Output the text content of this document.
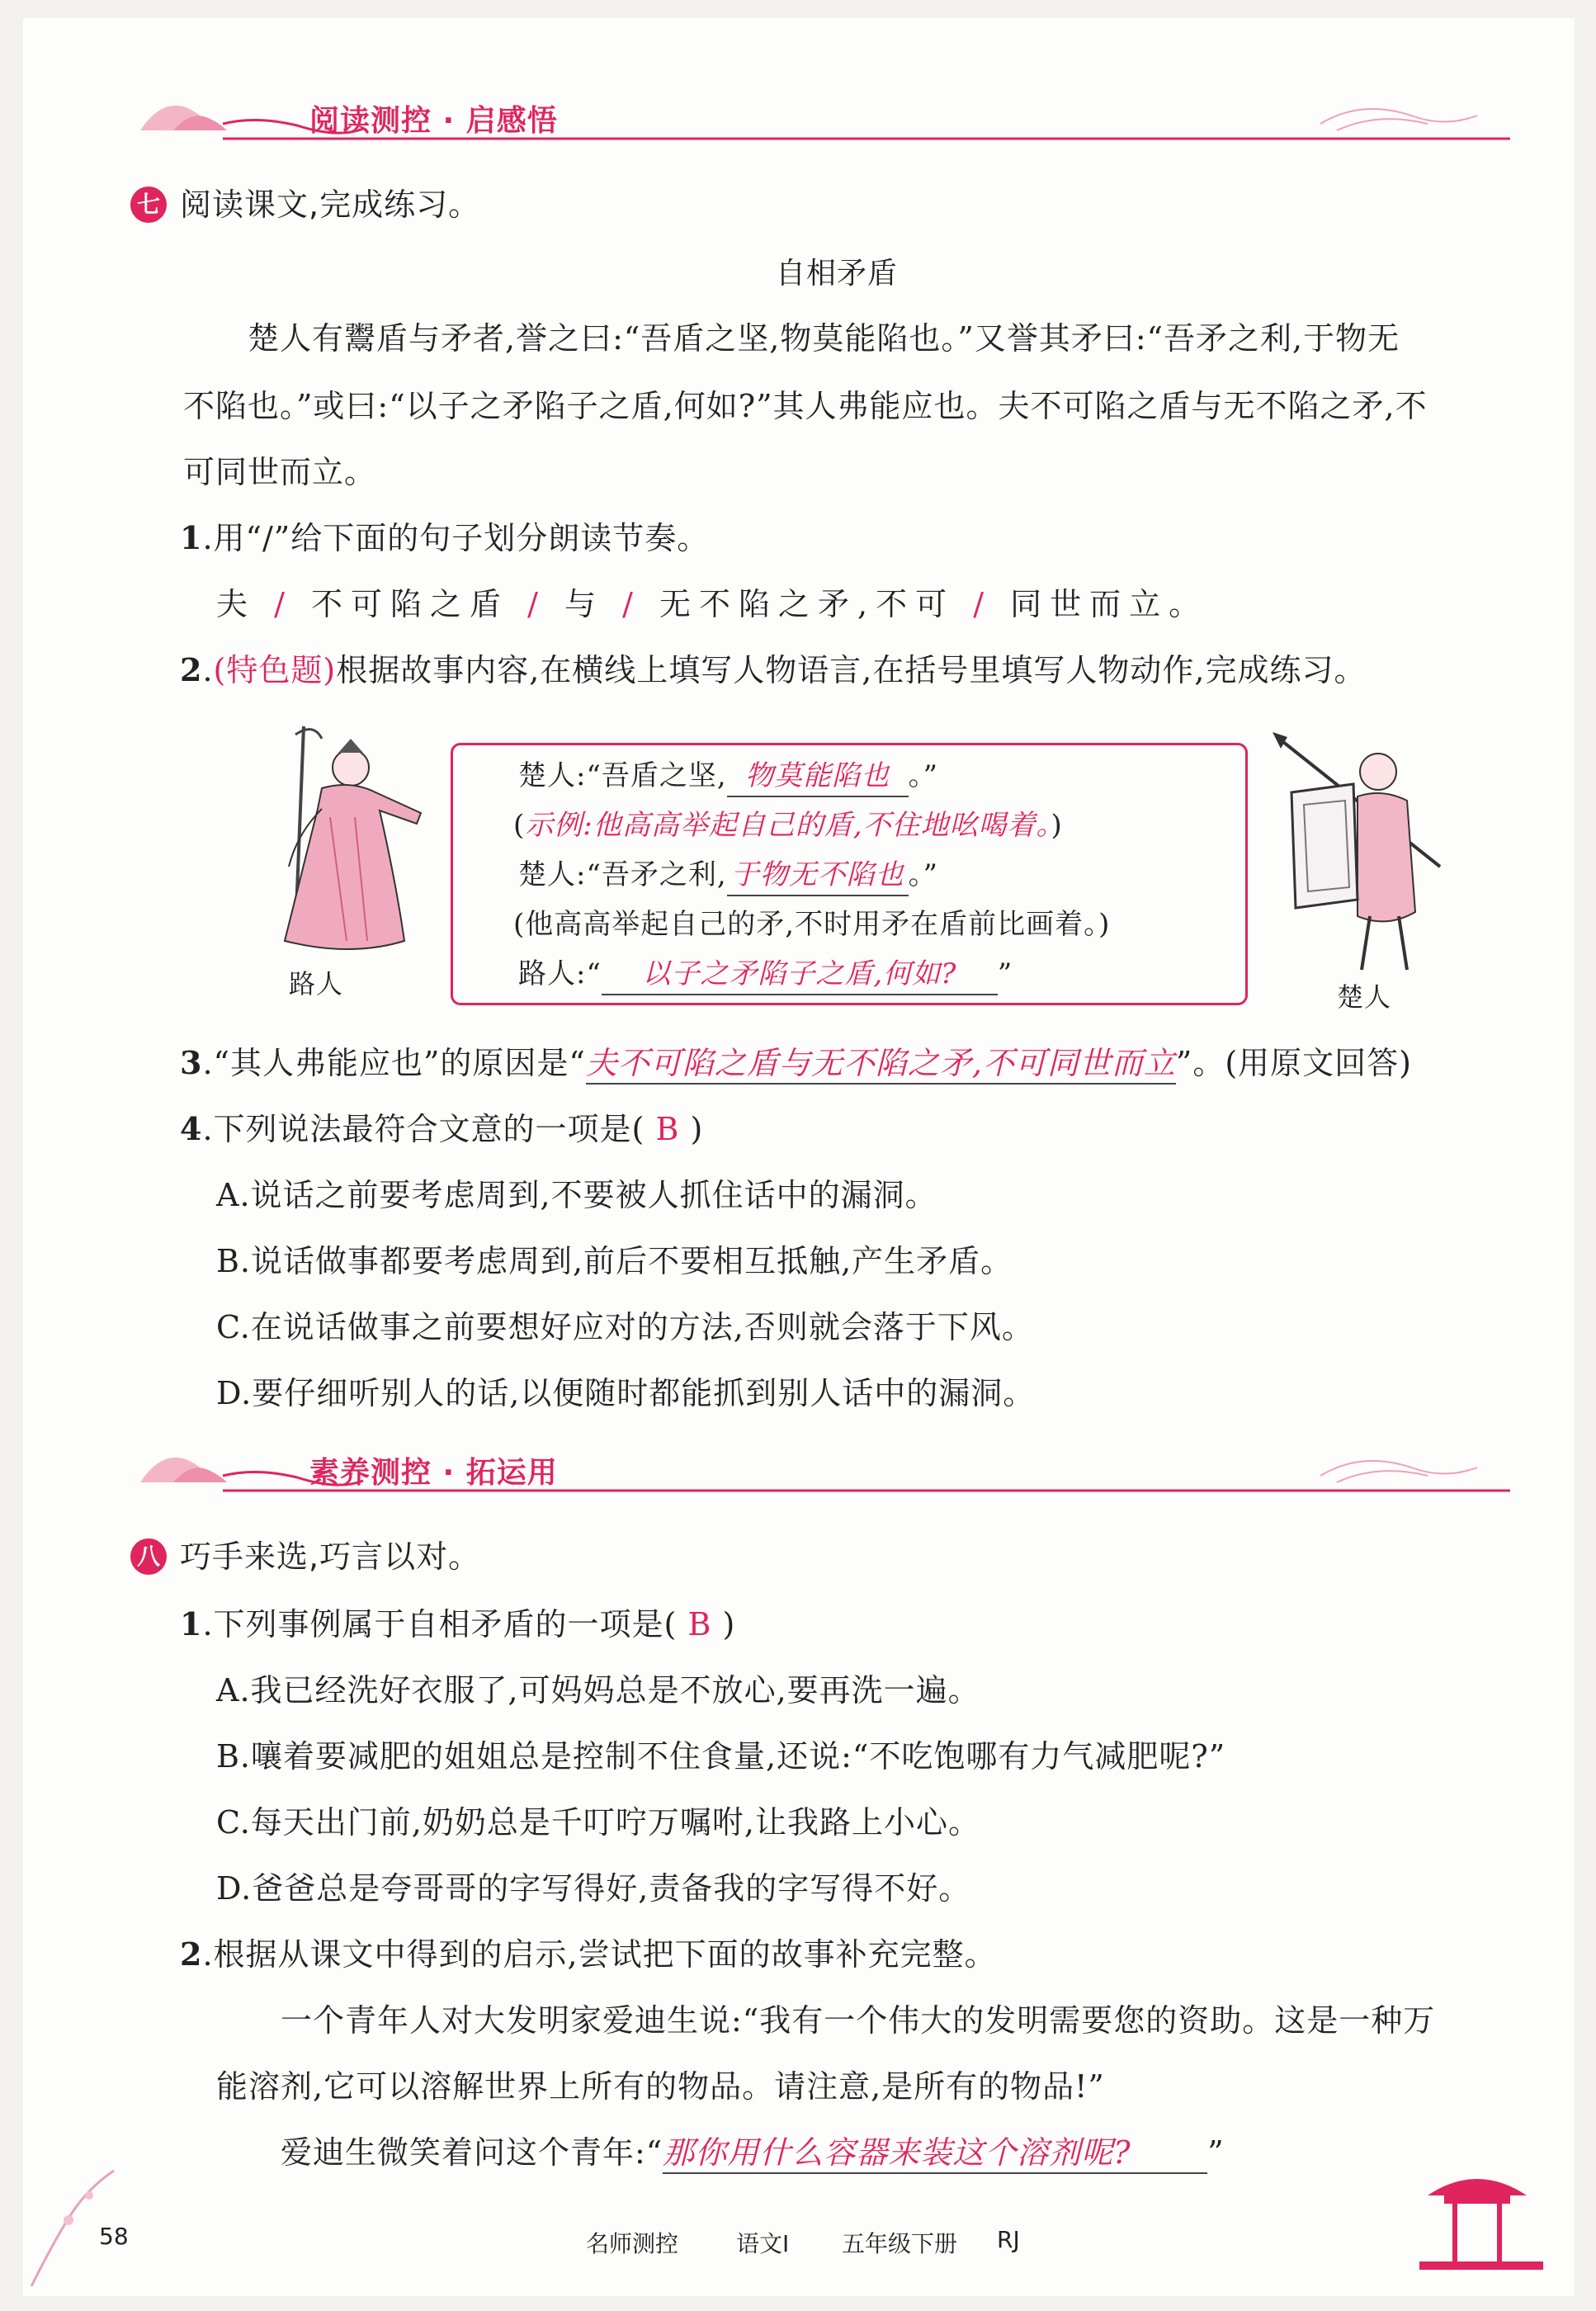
阅读测控 · 启感悟
七 阅读课文,完成练习。
自相矛盾
楚人有鬻盾与矛者,誉之曰:“吾盾之坚,物莫能陷也。”又誉其矛曰:“吾矛之利,于物无
不陷也。”或曰:“以子之矛陷子之盾,何如?”其人弗能应也。夫不可陷之盾与无不陷之矛,不
可同世而立。
1.用“/”给下面的句子划分朗读节奏。
夫 / 不可陷之盾 / 与 / 无不陷之矛,不可 / 同世而立。
2.(特色题)根据故事内容,在横线上填写人物语言,在括号里填写人物动作,完成练习。
路人
楚人:“吾盾之坚, 物莫能陷也 。”
(示例:他高高举起自己的盾,不住地吆喝着。)
楚人:“吾矛之利, 于物无不陷也 。”
(他高高举起自己的矛,不时用矛在盾前比画着。)
路人:“ 以子之矛陷子之盾,何如? ”
楚人
3.“其人弗能应也”的原因是“夫不可陷之盾与无不陷之矛,不可同世而立”。(用原文回答)
4.下列说法最符合文意的一项是( B )
A.说话之前要考虑周到,不要被人抓住话中的漏洞。
B.说话做事都要考虑周到,前后不要相互抵触,产生矛盾。
C.在说话做事之前要想好应对的方法,否则就会落于下风。
D.要仔细听别人的话,以便随时都能抓到别人话中的漏洞。
素养测控 · 拓运用
八 巧手来选,巧言以对。
1.下列事例属于自相矛盾的一项是( B )
A.我已经洗好衣服了,可妈妈总是不放心,要再洗一遍。
B.嚷着要减肥的姐姐总是控制不住食量,还说:“不吃饱哪有力气减肥呢?”
C.每天出门前,奶奶总是千叮咛万嘱咐,让我路上小心。
D.爸爸总是夸哥哥的字写得好,责备我的字写得不好。
2.根据从课文中得到的启示,尝试把下面的故事补充完整。
一个青年人对大发明家爱迪生说:“我有一个伟大的发明需要您的资助。这是一种万
能溶剂,它可以溶解世界上所有的物品。请注意,是所有的物品!”
爱迪生微笑着问这个青年:“那你用什么容器来装这个溶剂呢? ”
58	名师测控 语文Ⅰ 五年级下册 RJ
